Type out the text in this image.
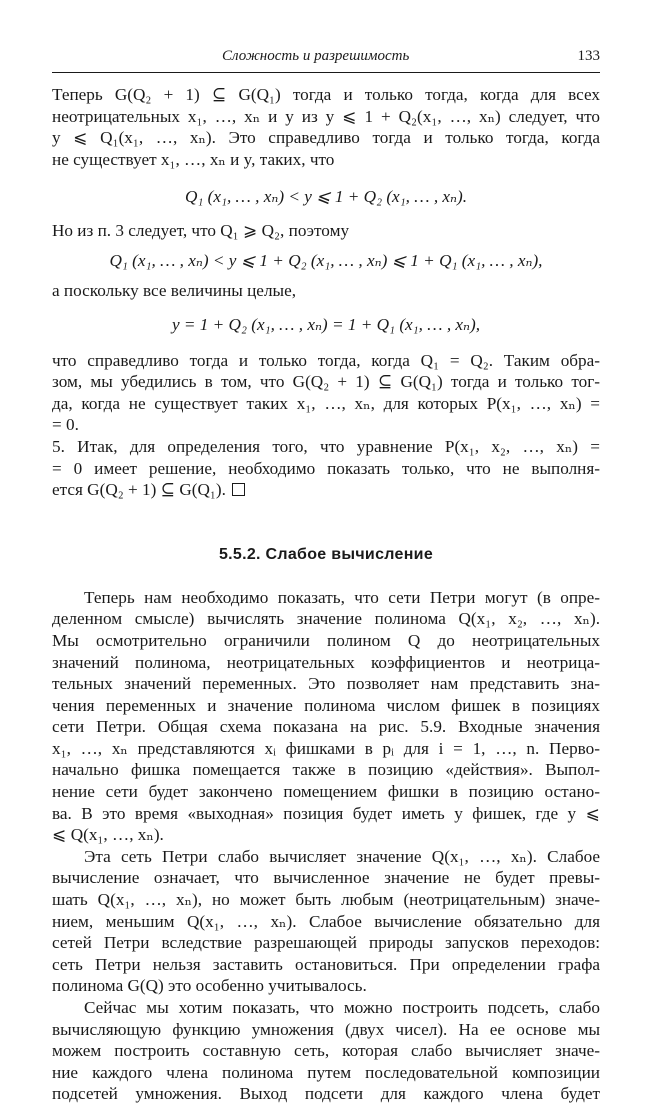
Сложность и разрешимость	133
Теперь G(Q₂ + 1) ⊆ G(Q₁) тогда и только тогда, когда для всех
неотрицательных x₁, …, xₙ и y из y ⩽ 1 + Q₂(x₁, …, xₙ) следует, что
y ⩽ Q₁(x₁, …, xₙ). Это справедливо тогда и только тогда, когда
не существует x₁, …, xₙ и y, таких, что
Q₁ (x₁, … , xₙ) < y ⩽ 1 + Q₂ (x₁, … , xₙ).
Но из п. 3 следует, что Q₁ ⩾ Q₂, поэтому
Q₁ (x₁, … , xₙ) < y ⩽ 1 + Q₂ (x₁, … , xₙ) ⩽ 1 + Q₁ (x₁, … , xₙ),
а поскольку все величины целые,
y = 1 + Q₂ (x₁, … , xₙ) = 1 + Q₁ (x₁, … , xₙ),
что справедливо тогда и только тогда, когда Q₁ = Q₂. Таким обра-
зом, мы убедились в том, что G(Q₂ + 1) ⊆ G(Q₁) тогда и только тог-
да, когда не существует таких x₁, …, xₙ, для которых P(x₁, …, xₙ) =
= 0.
5. Итак, для определения того, что уравнение P(x₁, x₂, …, xₙ) =
= 0 имеет решение, необходимо показать только, что не выполня-
ется G(Q₂ + 1) ⊆ G(Q₁).
5.5.2. Слабое вычисление
Теперь нам необходимо показать, что сети Петри могут (в опре-
деленном смысле) вычислять значение полинома Q(x₁, x₂, …, xₙ).
Мы осмотрительно ограничили полином Q до неотрицательных
значений полинома, неотрицательных коэффициентов и неотрица-
тельных значений переменных. Это позволяет нам представить зна-
чения переменных и значение полинома числом фишек в позициях
сети Петри. Общая схема показана на рис. 5.9. Входные значения
x₁, …, xₙ представляются xᵢ фишками в pᵢ для i = 1, …, n. Перво-
начально фишка помещается также в позицию «действия». Выпол-
нение сети будет закончено помещением фишки в позицию остано-
ва. В это время «выходная» позиция будет иметь y фишек, где y ⩽
⩽ Q(x₁, …, xₙ).
Эта сеть Петри слабо вычисляет значение Q(x₁, …, xₙ). Слабое
вычисление означает, что вычисленное значение не будет превы-
шать Q(x₁, …, xₙ), но может быть любым (неотрицательным) значе-
нием, меньшим Q(x₁, …, xₙ). Слабое вычисление обязательно для
сетей Петри вследствие разрешающей природы запусков переходов:
сеть Петри нельзя заставить остановиться. При определении графа
полинома G(Q) это особенно учитывалось.
Сейчас мы хотим показать, что можно построить подсеть, слабо
вычисляющую функцию умножения (двух чисел). На ее основе мы
можем построить составную сеть, которая слабо вычисляет значе-
ние каждого члена полинома путем последовательной композиции
подсетей умножения. Выход подсети для каждого члена будет
